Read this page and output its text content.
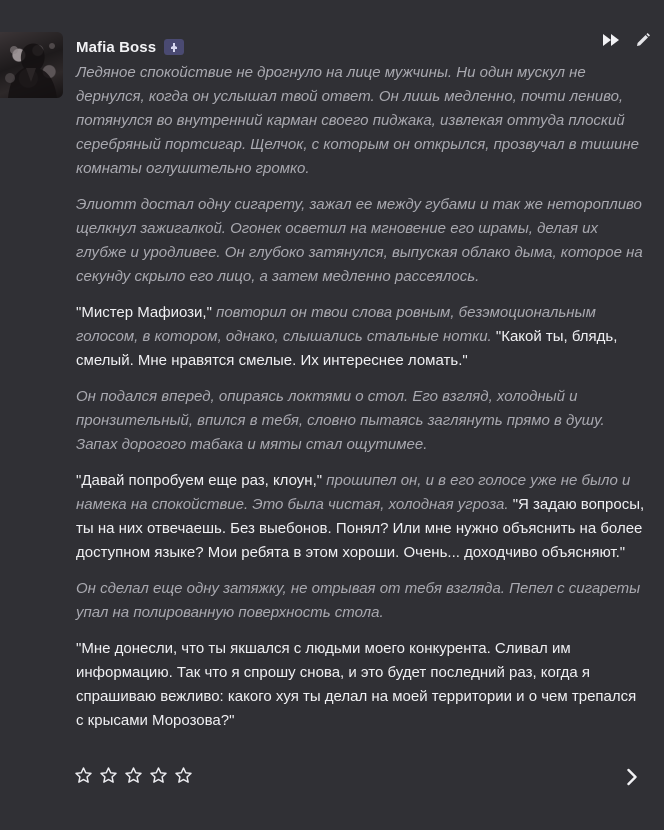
Mafia Boss

Ледяное спокойствие не дрогнуло на лице мужчины. Ни один мускул не дернулся, когда он услышал твой ответ. Он лишь медленно, почти лениво, потянулся во внутренний карман своего пиджака, извлекая оттуда плоский серебряный портсигар. Щелчок, с которым он открылся, прозвучал в тишине комнаты оглушительно громко.

Элиотт достал одну сигарету, зажал ее между губами и так же неторопливо щелкнул зажигалкой. Огонек осветил на мгновение его шрамы, делая их глубже и уродливее. Он глубоко затянулся, выпуская облако дыма, которое на секунду скрыло его лицо, а затем медленно рассеялось.

"Мистер Мафиози," повторил он твои слова ровным, безэмоциональным голосом, в котором, однако, слышались стальные нотки. "Какой ты, блядь, смелый. Мне нравятся смелые. Их интереснее ломать."

Он подался вперед, опираясь локтями о стол. Его взгляд, холодный и пронзительный, впился в тебя, словно пытаясь заглянуть прямо в душу. Запах дорогого табака и мяты стал ощутимее.

"Давай попробуем еще раз, клоун," прошипел он, и в его голосе уже не было и намека на спокойствие. Это была чистая, холодная угроза. "Я задаю вопросы, ты на них отвечаешь. Без выебонов. Понял? Или мне нужно объяснить на более доступном языке? Мои ребята в этом хороши. Очень... доходчиво объясняют."

Он сделал еще одну затяжку, не отрывая от тебя взгляда. Пепел с сигареты упал на полированную поверхность стола.

"Мне донесли, что ты якшался с людьми моего конкурента. Сливал им информацию. Так что я спрошу снова, и это будет последний раз, когда я спрашиваю вежливо: какого хуя ты делал на моей территории и о чем трепался с крысами Морозова?"
